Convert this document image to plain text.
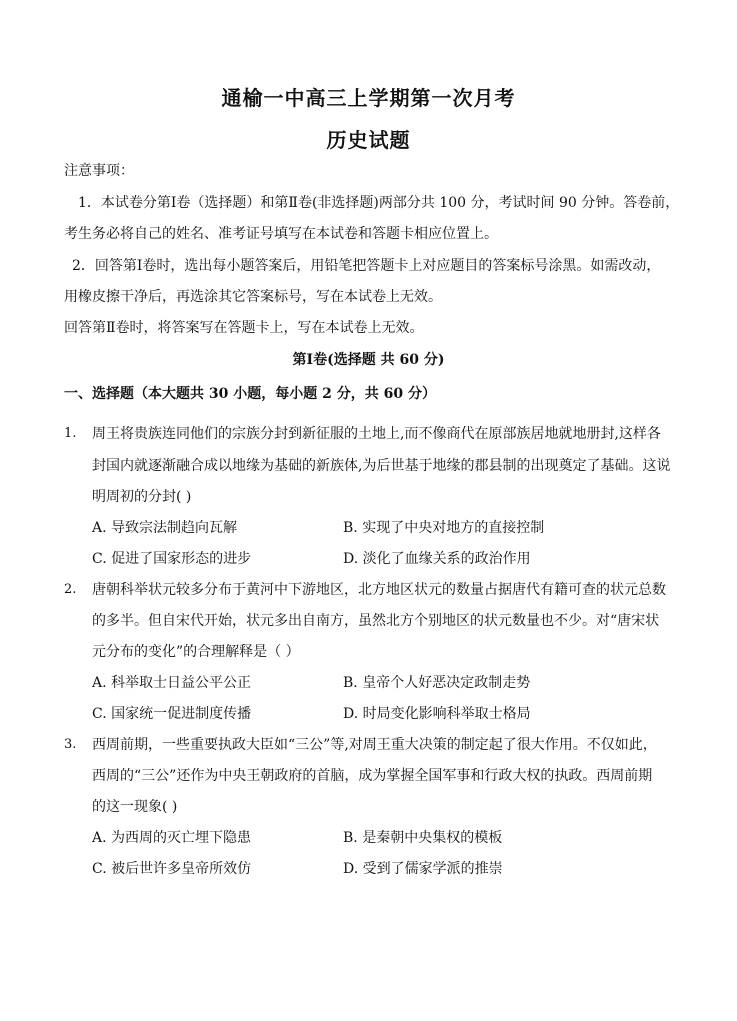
通榆一中高三上学期第一次月考
历史试题
注意事项：
1．本试卷分第Ⅰ卷（选择题）和第Ⅱ卷(非选择题)两部分共 100 分，考试时间 90 分钟。答卷前，
考生务必将自己的姓名、准考证号填写在本试卷和答题卡相应位置上。
2．回答第Ⅰ卷时，选出每小题答案后，用铅笔把答题卡上对应题目的答案标号涂黑。如需改动，
用橡皮擦干净后，再选涂其它答案标号，写在本试卷上无效。
回答第Ⅱ卷时，将答案写在答题卡上，写在本试卷上无效。
第Ⅰ卷(选择题 共 60 分)
一、选择题（本大题共 30 小题，每小题 2 分，共 60 分）
1. 周王将贵族连同他们的宗族分封到新征服的土地上,而不像商代在原部族居地就地册封,这样各
封国内就逐渐融合成以地缘为基础的新族体,为后世基于地缘的郡县制的出现奠定了基础。这说
明周初的分封( )
A. 导致宗法制趋向瓦解	B. 实现了中央对地方的直接控制
C. 促进了国家形态的进步	D. 淡化了血缘关系的政治作用
2. 唐朝科举状元较多分布于黄河中下游地区，北方地区状元的数量占据唐代有籍可查的状元总数
的多半。但自宋代开始，状元多出自南方，虽然北方个别地区的状元数量也不少。对“唐宋状
元分布的变化”的合理解释是（ ）
A. 科举取士日益公平公正	B. 皇帝个人好恶决定政制走势
C. 国家统一促进制度传播	D. 时局变化影响科举取士格局
3. 西周前期，一些重要执政大臣如“三公”等,对周王重大决策的制定起了很大作用。不仅如此，
西周的“三公”还作为中央王朝政府的首脑，成为掌握全国军事和行政大权的执政。西周前期
的这一现象( )
A. 为西周的灭亡埋下隐患	B. 是秦朝中央集权的模板
C. 被后世许多皇帝所效仿	D. 受到了儒家学派的推崇
